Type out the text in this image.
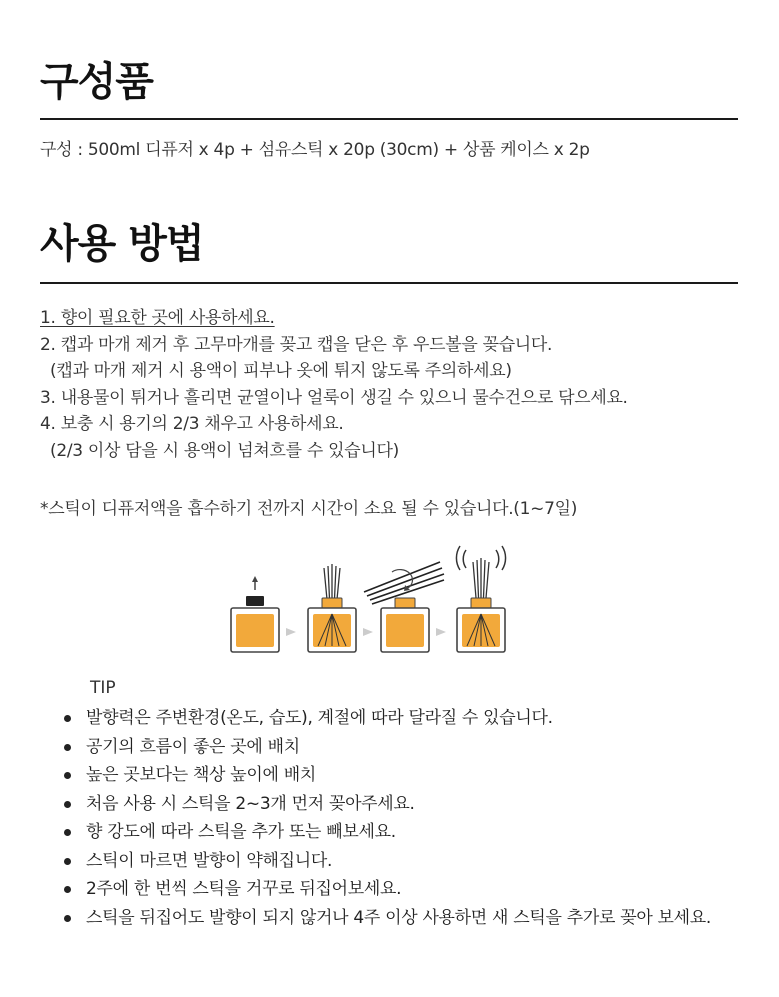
구성품
구성 : 500ml 디퓨저 x 4p + 섬유스틱 x 20p (30cm) + 상품 케이스 x 2p
사용 방법
1. 향이 필요한 곳에 사용하세요.
2. 캡과 마개 제거 후 고무마개를 꽂고 캡을 닫은 후 우드볼을 꽂습니다.
(캡과 마개 제거 시 용액이 피부나 옷에 튀지 않도록 주의하세요)
3. 내용물이 튀거나 흘리면 균열이나 얼룩이 생길 수 있으니 물수건으로 닦으세요.
4. 보충 시 용기의 2/3 채우고 사용하세요.
(2/3 이상 담을 시 용액이 넘쳐흐를 수 있습니다)
*스틱이 디퓨저액을 흡수하기 전까지 시간이 소요 될 수 있습니다.(1~7일)
TIP
발향력은 주변환경(온도, 습도), 계절에 따라 달라질 수 있습니다.
공기의 흐름이 좋은 곳에 배치
높은 곳보다는 책상 높이에 배치
처음 사용 시 스틱을 2~3개 먼저 꽂아주세요.
향 강도에 따라 스틱을 추가 또는 빼보세요.
스틱이 마르면 발향이 약해집니다.
2주에 한 번씩 스틱을 거꾸로 뒤집어보세요.
스틱을 뒤집어도 발향이 되지 않거나 4주 이상 사용하면 새 스틱을 추가로 꽂아 보세요.
